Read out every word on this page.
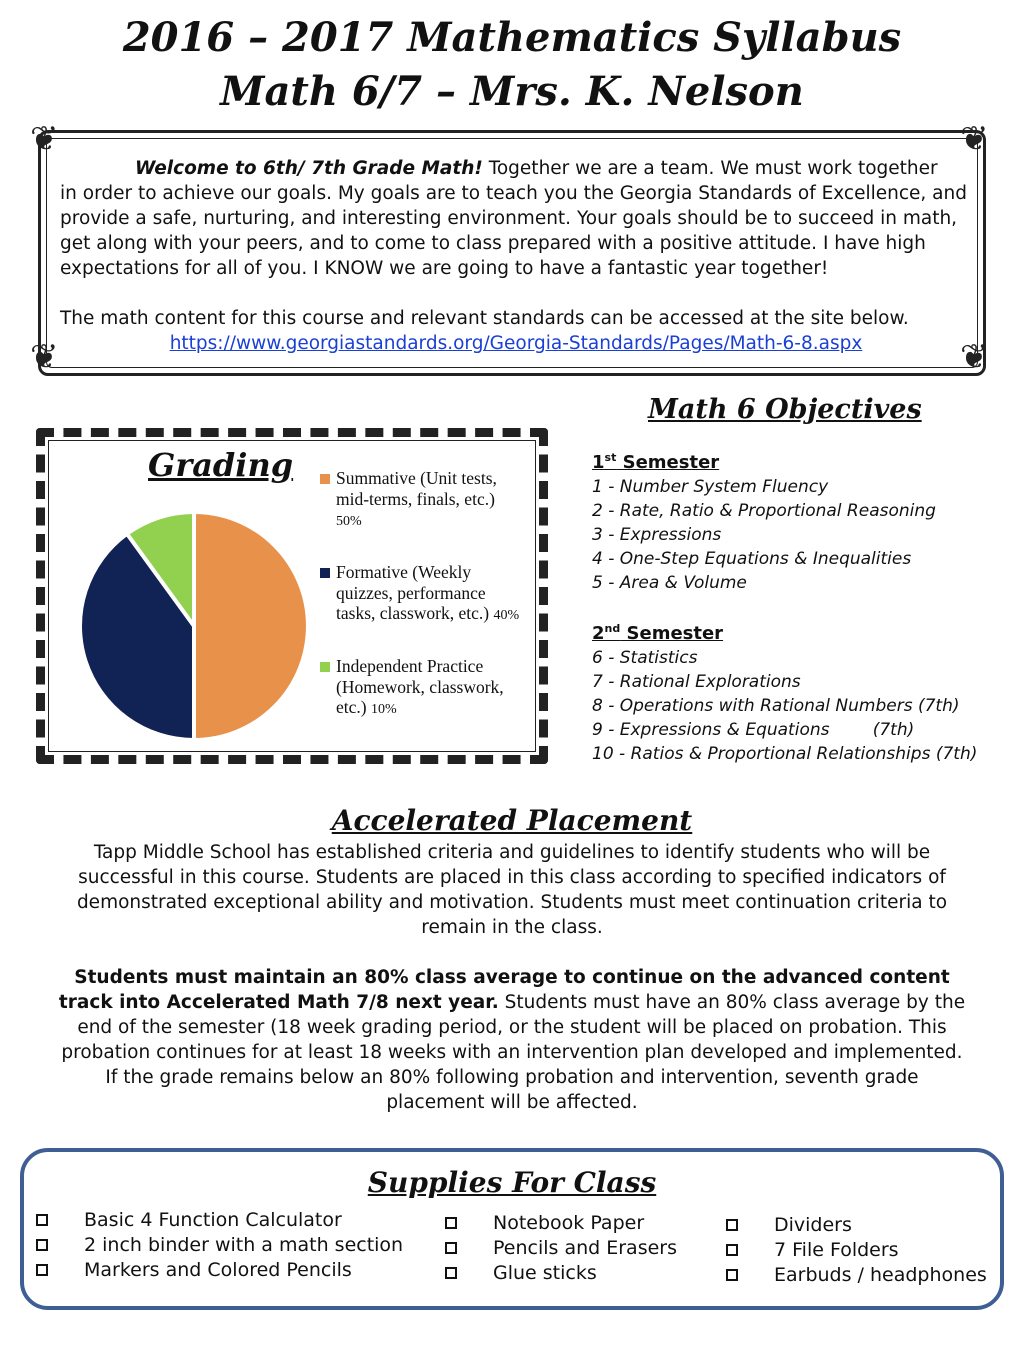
2016 – 2017 Mathematics Syllabus
Math 6/7 – Mrs. K. Nelson
❦	❦
❦	❦

Welcome to 6th/ 7th Grade Math! Together we are a team. We must work together

in order to achieve our goals. My goals are to teach you the Georgia Standards of Excellence, and

provide a safe, nurturing, and interesting environment. Your goals should be to succeed in math,

get along with your peers, and to come to class prepared with a positive attitude. I have high

expectations for all of you. I KNOW we are going to have a fantastic year together!

The math content for this course and relevant standards can be accessed at the site below.

https://www.georgiastandards.org/Georgia-Standards/Pages/Math-6-8.aspx

Grading Summative (Unit tests, mid-terms, finals, etc.) 50%
Formative (Weekly quizzes, performance tasks, classwork, etc.) 40%
Independent Practice (Homework, classwork, etc.) 10%
Math 6 Objectives
1st Semester
1 - Number System Fluency
2 - Rate, Ratio & Proportional Reasoning
3 - Expressions
4 - One-Step Equations & Inequalities
5 - Area & Volume
2nd Semester
6 - Statistics
7 - Rational Explorations
8 - Operations with Rational Numbers (7th)
9 - Expressions & Equations        (7th)
10 - Ratios & Proportional Relationships (7th)
Accelerated Placement

Tapp Middle School has established criteria and guidelines to identify students who will be successful in this course. Students are placed in this class according to specified indicators of demonstrated exceptional ability and motivation. Students must meet continuation criteria to remain in the class.

Students must maintain an 80% class average to continue on the advanced content track into Accelerated Math 7/8 next year. Students must have an 80% class average by the end of the semester (18 week grading period, or the student will be placed on probation. This probation continues for at least 18 weeks with an intervention plan developed and implemented. If the grade remains below an 80% following probation and intervention, seventh grade placement will be affected.

Supplies For Class
Basic 4 Function Calculator
2 inch binder with a math section
Markers and Colored Pencils
Notebook Paper
Pencils and Erasers
Glue sticks
Dividers
7 File Folders
Earbuds / headphones
